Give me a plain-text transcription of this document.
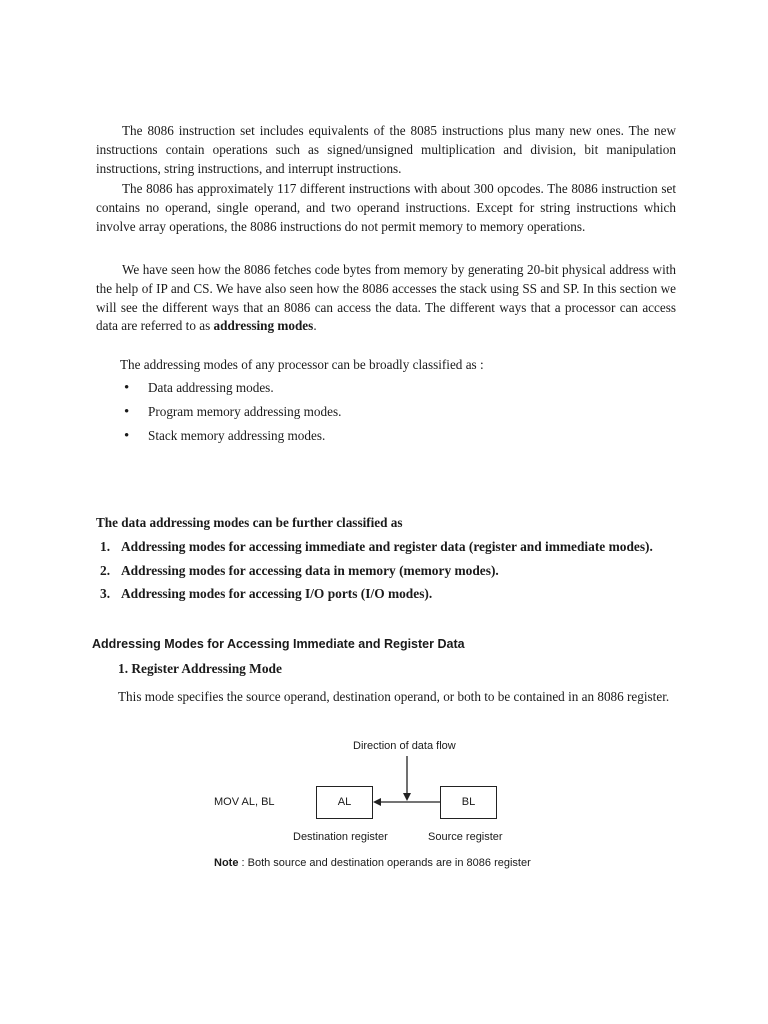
The 8086 instruction set includes equivalents of the 8085 instructions plus many new ones. The new instructions contain operations such as signed/unsigned multiplication and division, bit manipulation instructions, string instructions, and interrupt instructions.

The 8086 has approximately 117 different instructions with about 300 opcodes. The 8086 instruction set contains no operand, single operand, and two operand instructions. Except for string instructions which involve array operations, the 8086 instructions do not permit memory to memory operations.

We have seen how the 8086 fetches code bytes from memory by generating 20-bit physical address with the help of IP and CS. We have also seen how the 8086 accesses the stack using SS and SP. In this section we will see the different ways that an 8086 can access the data. The different ways that a processor can access data are referred to as addressing modes.

The addressing modes of any processor can be broadly classified as :

• Data addressing modes.
• Program memory addressing modes.
• Stack memory addressing modes.

The data addressing modes can be further classified as

1. Addressing modes for accessing immediate and register data (register and immediate modes).
2. Addressing modes for accessing data in memory (memory modes).
3. Addressing modes for accessing I/O ports (I/O modes).
Addressing Modes for Accessing Immediate and Register Data
1. Register Addressing Mode

This mode specifies the source operand, destination operand, or both to be contained in an 8086 register.

Direction of data flow
MOV AL, BL	AL	BL
Destination register	Source register
Note : Both source and destination operands are in 8086 register
